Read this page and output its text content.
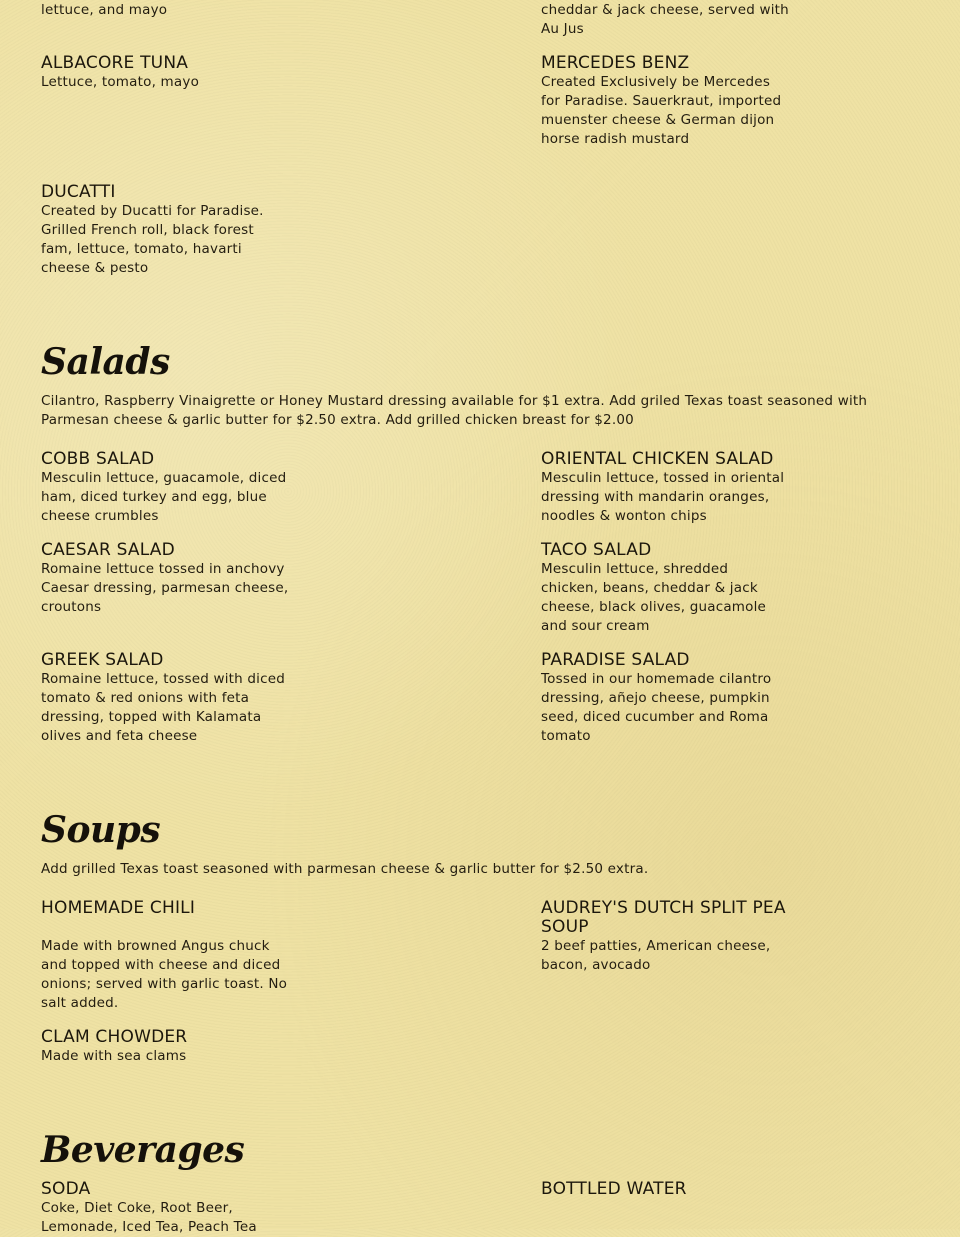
lettuce, and mayo	cheddar & jack cheese, served with Au Jus
ALBACORE TUNA
Lettuce, tomato, mayo
MERCEDES BENZ
Created Exclusively be Mercedes for Paradise. Sauerkraut, imported muenster cheese & German dijon horse radish mustard
DUCATTI
Created by Ducatti for Paradise. Grilled French roll, black forest fam, lettuce, tomato, havarti cheese & pesto
Salads
Cilantro, Raspberry Vinaigrette or Honey Mustard dressing available for $1 extra. Add griled Texas toast seasoned with Parmesan cheese & garlic butter for $2.50 extra. Add grilled chicken breast for $2.00
COBB SALAD
Mesculin lettuce, guacamole, diced ham, diced turkey and egg, blue cheese crumbles
ORIENTAL CHICKEN SALAD
Mesculin lettuce, tossed in oriental dressing with mandarin oranges, noodles & wonton chips
CAESAR SALAD
Romaine lettuce tossed in anchovy Caesar dressing, parmesan cheese, croutons
TACO SALAD
Mesculin lettuce, shredded chicken, beans, cheddar & jack cheese, black olives, guacamole and sour cream
GREEK SALAD
Romaine lettuce, tossed with diced tomato & red onions with feta dressing, topped with Kalamata olives and feta cheese
PARADISE SALAD
Tossed in our homemade cilantro dressing, añejo cheese, pumpkin seed, diced cucumber and Roma tomato
Soups
Add grilled Texas toast seasoned with parmesan cheese & garlic butter for $2.50 extra.
HOMEMADE CHILI
Made with browned Angus chuck and topped with cheese and diced onions; served with garlic toast. No salt added.
AUDREY'S DUTCH SPLIT PEA SOUP
2 beef patties, American cheese, bacon, avocado
CLAM CHOWDER
Made with sea clams
Beverages
SODA
Coke, Diet Coke, Root Beer, Lemonade, Iced Tea, Peach Tea
BOTTLED WATER
